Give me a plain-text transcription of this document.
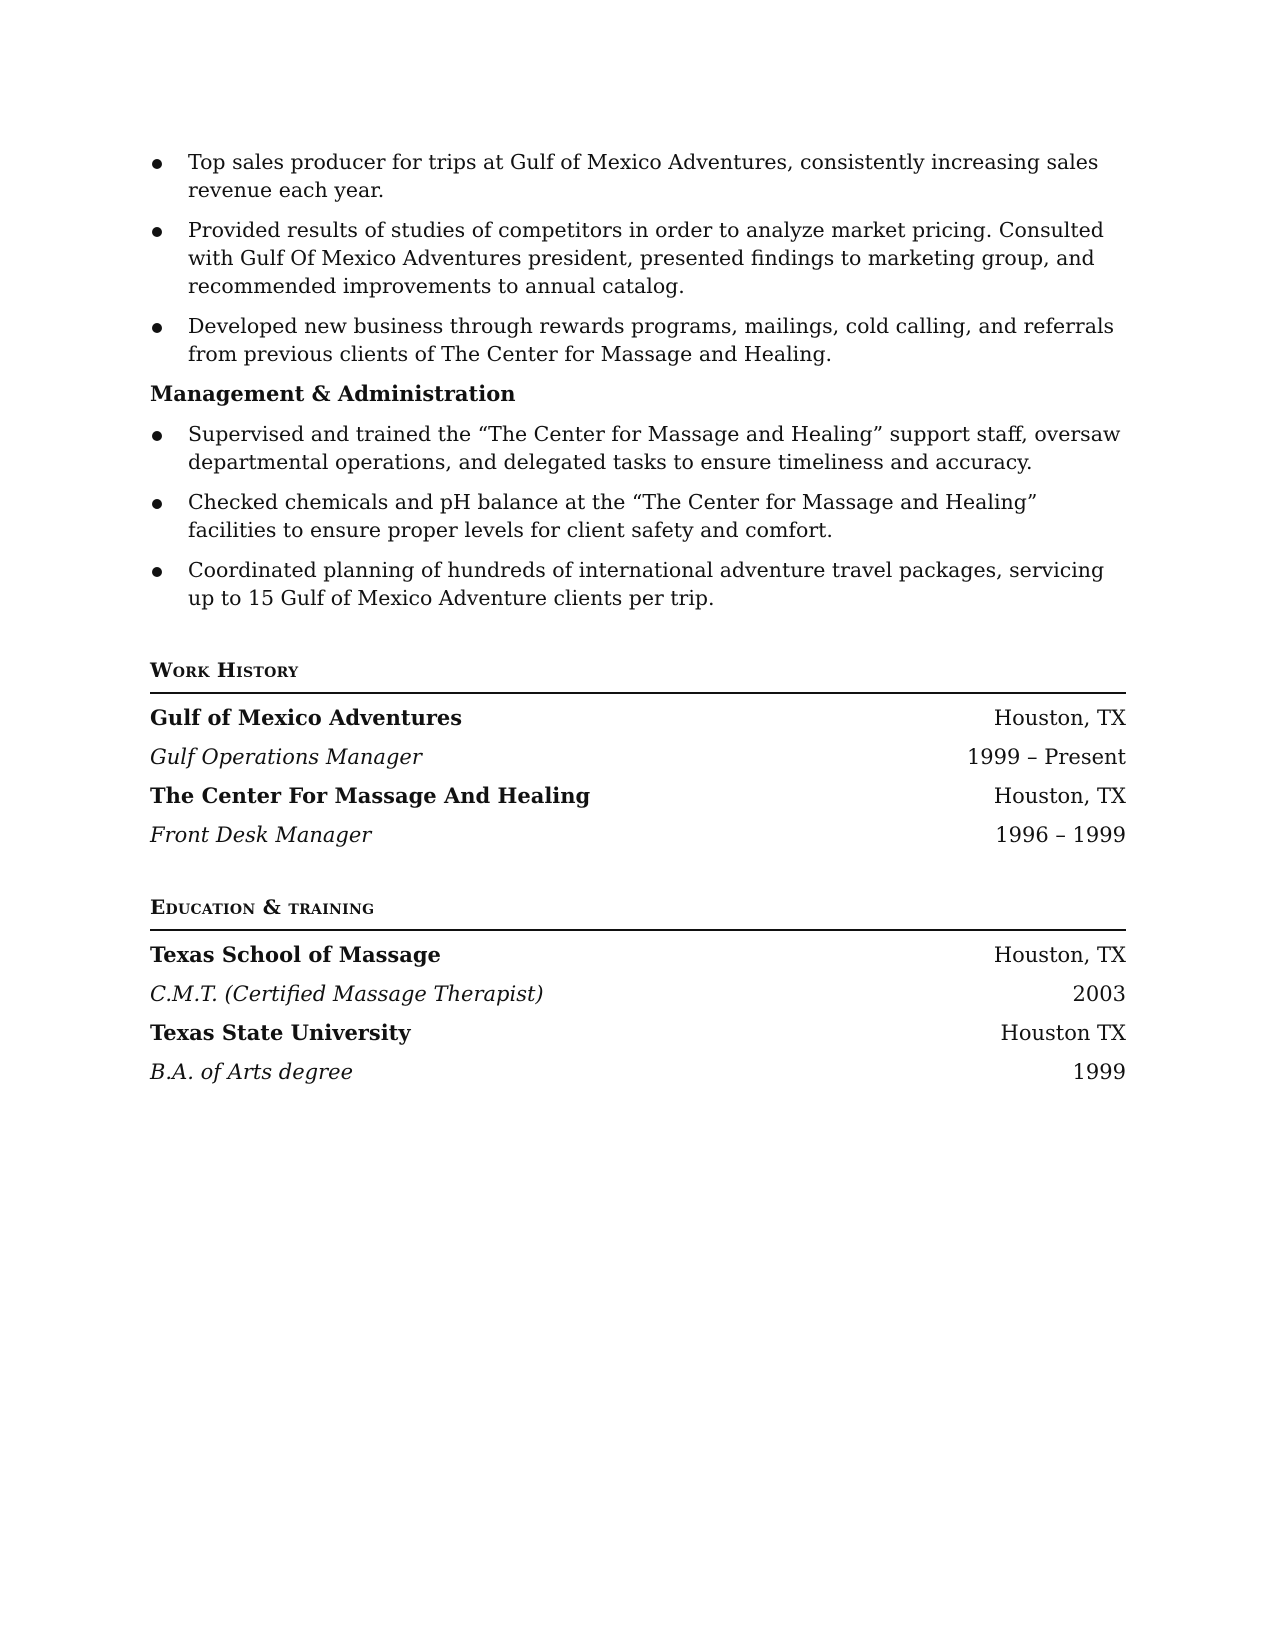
Top sales producer for trips at Gulf of Mexico Adventures, consistently increasing sales revenue each year.
Provided results of studies of competitors in order to analyze market pricing. Consulted with Gulf Of Mexico Adventures president, presented findings to marketing group, and recommended improvements to annual catalog.
Developed new business through rewards programs, mailings, cold calling, and referrals from previous clients of The Center for Massage and Healing.
Management & Administration
Supervised and trained the “The Center for Massage and Healing” support staff, oversaw departmental operations, and delegated tasks to ensure timeliness and accuracy.
Checked chemicals and pH balance at the “The Center for Massage and Healing” facilities to ensure proper levels for client safety and comfort.
Coordinated planning of hundreds of international adventure travel packages, servicing up to 15 Gulf of Mexico Adventure clients per trip.
Work History
Gulf of Mexico Adventures	Houston, TX
Gulf Operations Manager	1999 – Present
The Center For Massage And Healing	Houston, TX
Front Desk Manager	1996 – 1999
Education & training
Texas School of Massage	Houston, TX
C.M.T. (Certified Massage Therapist)	2003
Texas State University	Houston TX
B.A. of Arts degree	1999
